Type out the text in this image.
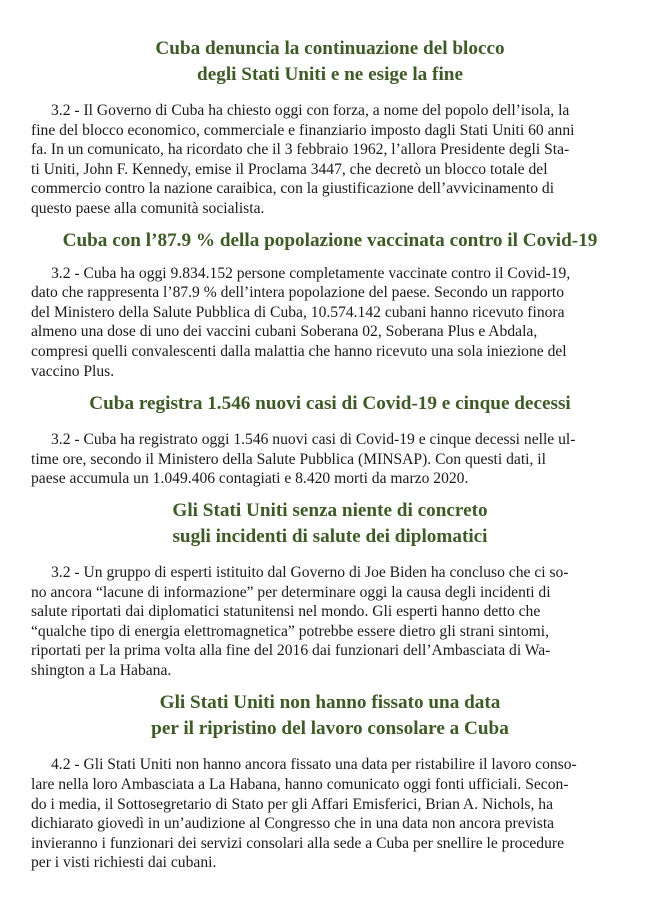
Cuba denuncia la continuazione del blocco
degli Stati Uniti e ne esige la fine

3.2 - Il Governo di Cuba ha chiesto oggi con forza, a nome del popolo dell’isola, la
fine del blocco economico, commerciale e finanziario imposto dagli Stati Uniti 60 anni
fa. In un comunicato, ha ricordato che il 3 febbraio 1962, l’allora Presidente degli Sta-
ti Uniti, John F. Kennedy, emise il Proclama 3447, che decretò un blocco totale del
commercio contro la nazione caraibica, con la giustificazione dell’avvicinamento di
questo paese alla comunità socialista.

Cuba con l’87.9 % della popolazione vaccinata contro il Covid-19

3.2 - Cuba ha oggi 9.834.152 persone completamente vaccinate contro il Covid-19,
dato che rappresenta l’87.9 % dell’intera popolazione del paese. Secondo un rapporto
del Ministero della Salute Pubblica di Cuba, 10.574.142 cubani hanno ricevuto finora
almeno una dose di uno dei vaccini cubani Soberana 02, Soberana Plus e Abdala,
compresi quelli convalescenti dalla malattia che hanno ricevuto una sola iniezione del
vaccino Plus.

Cuba registra 1.546 nuovi casi di Covid-19 e cinque decessi

3.2 - Cuba ha registrato oggi 1.546 nuovi casi di Covid-19 e cinque decessi nelle ul-
time ore, secondo il Ministero della Salute Pubblica (MINSAP). Con questi dati, il
paese accumula un 1.049.406 contagiati e 8.420 morti da marzo 2020.

Gli Stati Uniti senza niente di concreto
sugli incidenti di salute dei diplomatici

3.2 - Un gruppo di esperti istituito dal Governo di Joe Biden ha concluso che ci so-
no ancora “lacune di informazione” per determinare oggi la causa degli incidenti di
salute riportati dai diplomatici statunitensi nel mondo. Gli esperti hanno detto che
“qualche tipo di energia elettromagnetica” potrebbe essere dietro gli strani sintomi,
riportati per la prima volta alla fine del 2016 dai funzionari dell’Ambasciata di Wa-
shington a La Habana.

Gli Stati Uniti non hanno fissato una data
per il ripristino del lavoro consolare a Cuba

4.2 - Gli Stati Uniti non hanno ancora fissato una data per ristabilire il lavoro conso-
lare nella loro Ambasciata a La Habana, hanno comunicato oggi fonti ufficiali. Secon-
do i media, il Sottosegretario di Stato per gli Affari Emisferici, Brian A. Nichols, ha
dichiarato giovedì in un’audizione al Congresso che in una data non ancora prevista
invieranno i funzionari dei servizi consolari alla sede a Cuba per snellire le procedure
per i visti richiesti dai cubani.
